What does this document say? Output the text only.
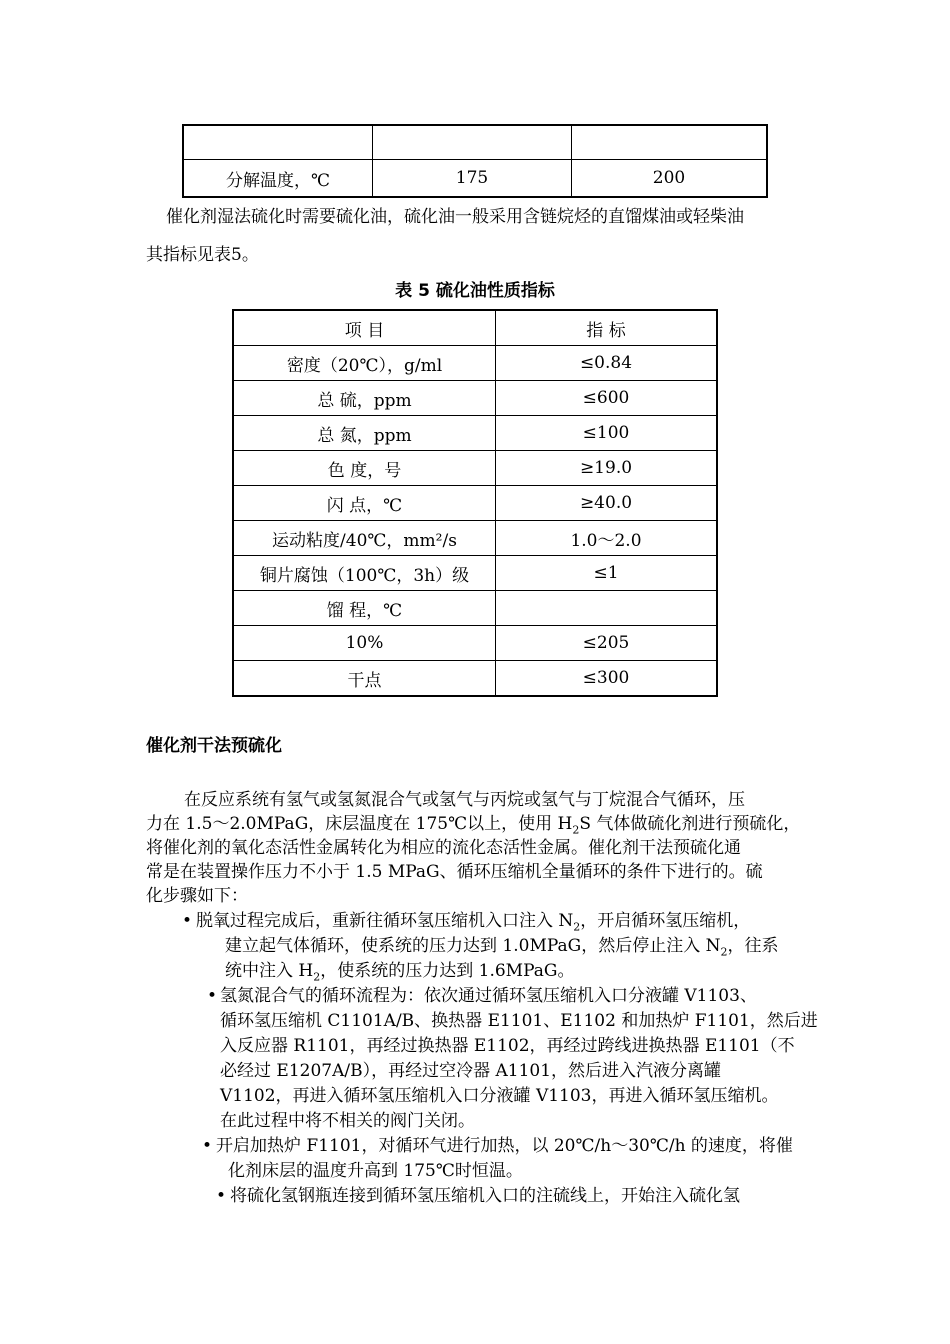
分解温度，℃	175	200
催化剂湿法硫化时需要硫化油，硫化油一般采用含链烷烃的直馏煤油或轻柴油
其指标见表5。
表 5 硫化油性质指标
项 目	指 标
密度（20℃），g/ml	≤0.84
总 硫，ppm	≤600
总 氮，ppm	≤100
色 度，号	≥19.0
闪 点，℃	≥40.0
运动粘度/40℃，mm²/s	1.0～2.0
铜片腐蚀（100℃，3h）级	≤1
馏 程，℃	
10%	≤205
干点	≤300
催化剂干法预硫化
在反应系统有氢气或氢氮混合气或氢气与丙烷或氢气与丁烷混合气循环，压
力在 1.5～2.0MPaG，床层温度在 175℃以上，使用 $H_2S$ 气体做硫化剂进行预硫化，
将催化剂的氧化态活性金属转化为相应的流化态活性金属。催化剂干法预硫化通
常是在装置操作压力不小于 1.5 MPaG、循环压缩机全量循环的条件下进行的。硫
化步骤如下：
• 脱氧过程完成后，重新往循环氢压缩机入口注入 $N_2$，开启循环氢压缩机，
建立起气体循环，使系统的压力达到 1.0MPaG，然后停止注入 $N_2$，往系
统中注入 $H_2$，使系统的压力达到 1.6MPaG。
• 氢氮混合气的循环流程为：依次通过循环氢压缩机入口分液罐 V1103、
循环氢压缩机 C1101A/B、换热器 E1101、E1102 和加热炉 F1101，然后进
入反应器 R1101，再经过换热器 E1102，再经过跨线进换热器 E1101（不
必经过 E1207A/B），再经过空冷器 A1101，然后进入汽液分离罐
V1102，再进入循环氢压缩机入口分液罐 V1103，再进入循环氢压缩机。
在此过程中将不相关的阀门关闭。
• 开启加热炉 F1101，对循环气进行加热，以 20℃/h～30℃/h 的速度，将催
化剂床层的温度升高到 175℃时恒温。
• 将硫化氢钢瓶连接到循环氢压缩机入口的注硫线上，开始注入硫化氢
